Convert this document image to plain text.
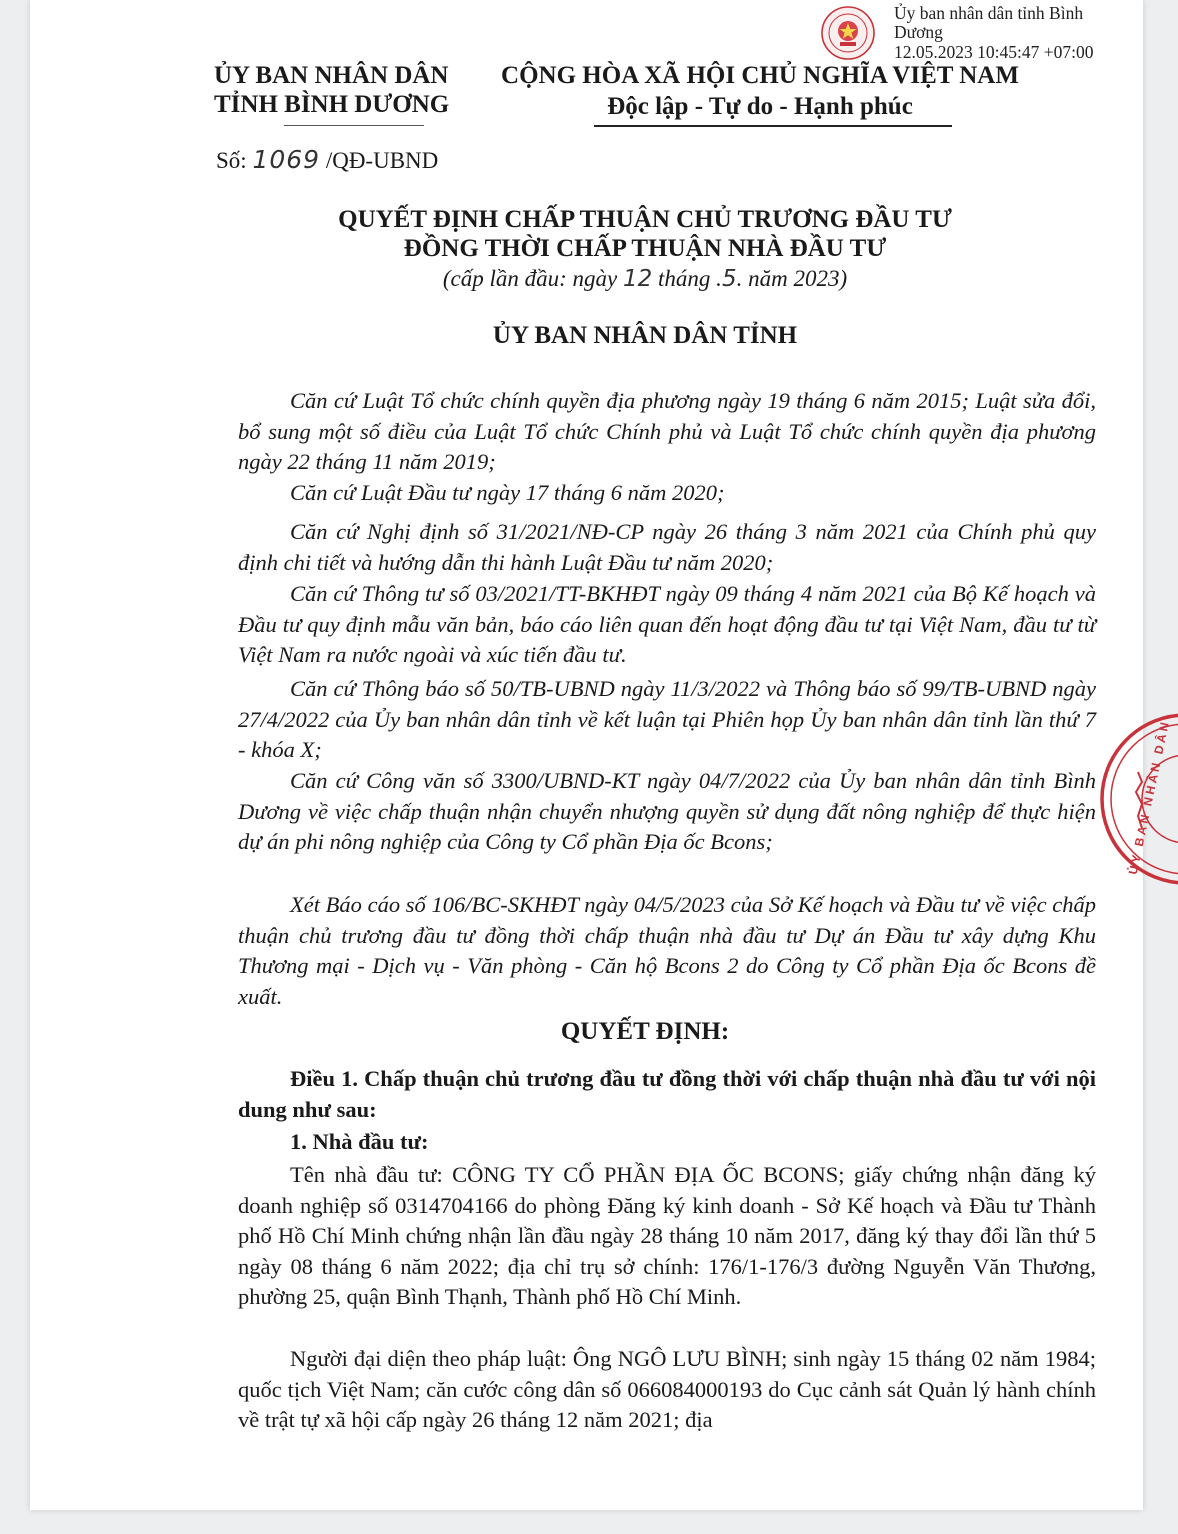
Ủy ban nhân dân tỉnh Bình
Dương
12.05.2023 10:45:47 +07:00
ỦY BAN NHÂN DÂN
TỈNH BÌNH DƯƠNG
CỘNG HÒA XÃ HỘI CHỦ NGHĨA VIỆT NAM
Độc lập - Tự do - Hạnh phúc
Số: 1069 /QĐ-UBND
QUYẾT ĐỊNH CHẤP THUẬN CHỦ TRƯƠNG ĐẦU TƯ
ĐỒNG THỜI CHẤP THUẬN NHÀ ĐẦU TƯ
(cấp lần đầu: ngày 12 tháng .5. năm 2023)
ỦY BAN NHÂN DÂN TỈNH

Căn cứ Luật Tổ chức chính quyền địa phương ngày 19 tháng 6 năm 2015; Luật sửa đổi, bổ sung một số điều của Luật Tổ chức Chính phủ và Luật Tổ chức chính quyền địa phương ngày 22 tháng 11 năm 2019;

Căn cứ Luật Đầu tư ngày 17 tháng 6 năm 2020;

Căn cứ Nghị định số 31/2021/NĐ-CP ngày 26 tháng 3 năm 2021 của Chính phủ quy định chi tiết và hướng dẫn thi hành Luật Đầu tư năm 2020;

Căn cứ Thông tư số 03/2021/TT-BKHĐT ngày 09 tháng 4 năm 2021 của Bộ Kế hoạch và Đầu tư quy định mẫu văn bản, báo cáo liên quan đến hoạt động đầu tư tại Việt Nam, đầu tư từ Việt Nam ra nước ngoài và xúc tiến đầu tư.

Căn cứ Thông báo số 50/TB-UBND ngày 11/3/2022 và Thông báo số 99/TB-UBND ngày 27/4/2022 của Ủy ban nhân dân tỉnh về kết luận tại Phiên họp Ủy ban nhân dân tỉnh lần thứ 7 - khóa X;

Căn cứ Công văn số 3300/UBND-KT ngày 04/7/2022 của Ủy ban nhân dân tỉnh Bình Dương về việc chấp thuận nhận chuyển nhượng quyền sử dụng đất nông nghiệp để thực hiện dự án phi nông nghiệp của Công ty Cổ phần Địa ốc Bcons;

Xét Báo cáo số 106/BC-SKHĐT ngày 04/5/2023 của Sở Kế hoạch và Đầu tư về việc chấp thuận chủ trương đầu tư đồng thời chấp thuận nhà đầu tư Dự án Đầu tư xây dựng Khu Thương mại - Dịch vụ - Văn phòng - Căn hộ Bcons 2 do Công ty Cổ phần Địa ốc Bcons đề xuất.

QUYẾT ĐỊNH:

Điều 1. Chấp thuận chủ trương đầu tư đồng thời với chấp thuận nhà đầu tư với nội dung như sau:

1. Nhà đầu tư:

Tên nhà đầu tư: CÔNG TY CỔ PHẦN ĐỊA ỐC BCONS; giấy chứng nhận đăng ký doanh nghiệp số 0314704166 do phòng Đăng ký kinh doanh - Sở Kế hoạch và Đầu tư Thành phố Hồ Chí Minh chứng nhận lần đầu ngày 28 tháng 10 năm 2017, đăng ký thay đổi lần thứ 5 ngày 08 tháng 6 năm 2022; địa chỉ trụ sở chính: 176/1-176/3 đường Nguyễn Văn Thương, phường 25, quận Bình Thạnh, Thành phố Hồ Chí Minh.

Người đại diện theo pháp luật: Ông NGÔ LƯU BÌNH; sinh ngày 15 tháng 02 năm 1984; quốc tịch Việt Nam; căn cước công dân số 066084000193 do Cục cảnh sát Quản lý hành chính về trật tự xã hội cấp ngày 26 tháng 12 năm 2021; địa

ỦY BAN NHÂN DÂN
